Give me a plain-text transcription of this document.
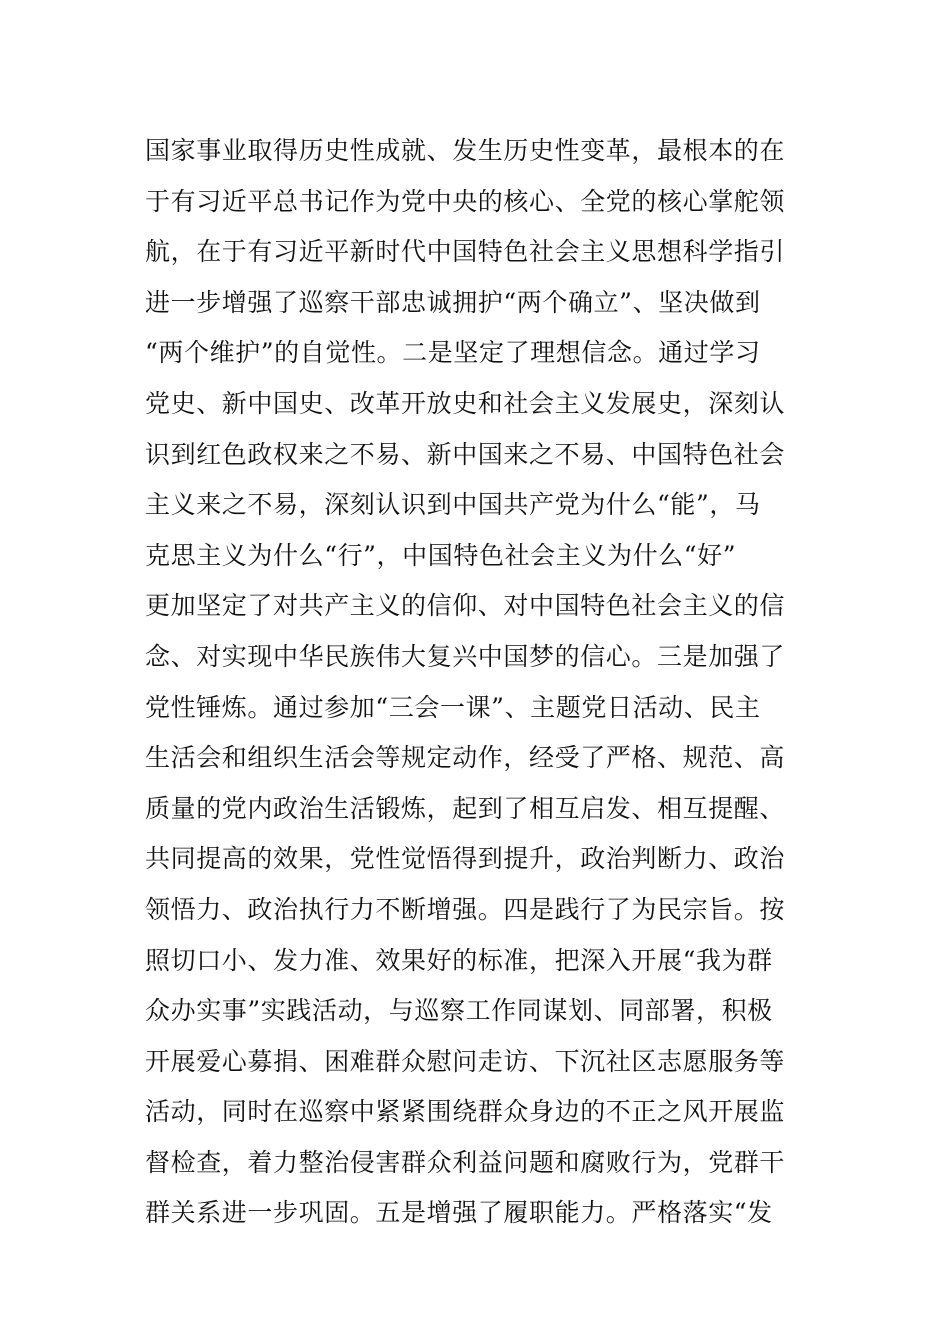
国家事业取得历史性成就、发生历史性变革，最根本的在
于有习近平总书记作为党中央的核心、全党的核心掌舵领
航，在于有习近平新时代中国特色社会主义思想科学指引
进一步增强了巡察干部忠诚拥护“两个确立”、坚决做到
“两个维护”的自觉性。二是坚定了理想信念。通过学习
党史、新中国史、改革开放史和社会主义发展史，深刻认
识到红色政权来之不易、新中国来之不易、中国特色社会
主义来之不易，深刻认识到中国共产党为什么“能”，马
克思主义为什么“行”，中国特色社会主义为什么“好”
更加坚定了对共产主义的信仰、对中国特色社会主义的信
念、对实现中华民族伟大复兴中国梦的信心。三是加强了
党性锤炼。通过参加“三会一课”、主题党日活动、民主
生活会和组织生活会等规定动作，经受了严格、规范、高
质量的党内政治生活锻炼，起到了相互启发、相互提醒、
共同提高的效果，党性觉悟得到提升，政治判断力、政治
领悟力、政治执行力不断增强。四是践行了为民宗旨。按
照切口小、发力准、效果好的标准，把深入开展“我为群
众办实事”实践活动，与巡察工作同谋划、同部署，积极
开展爱心募捐、困难群众慰问走访、下沉社区志愿服务等
活动，同时在巡察中紧紧围绕群众身边的不正之风开展监
督检查，着力整治侵害群众利益问题和腐败行为，党群干
群关系进一步巩固。五是增强了履职能力。严格落实“发
